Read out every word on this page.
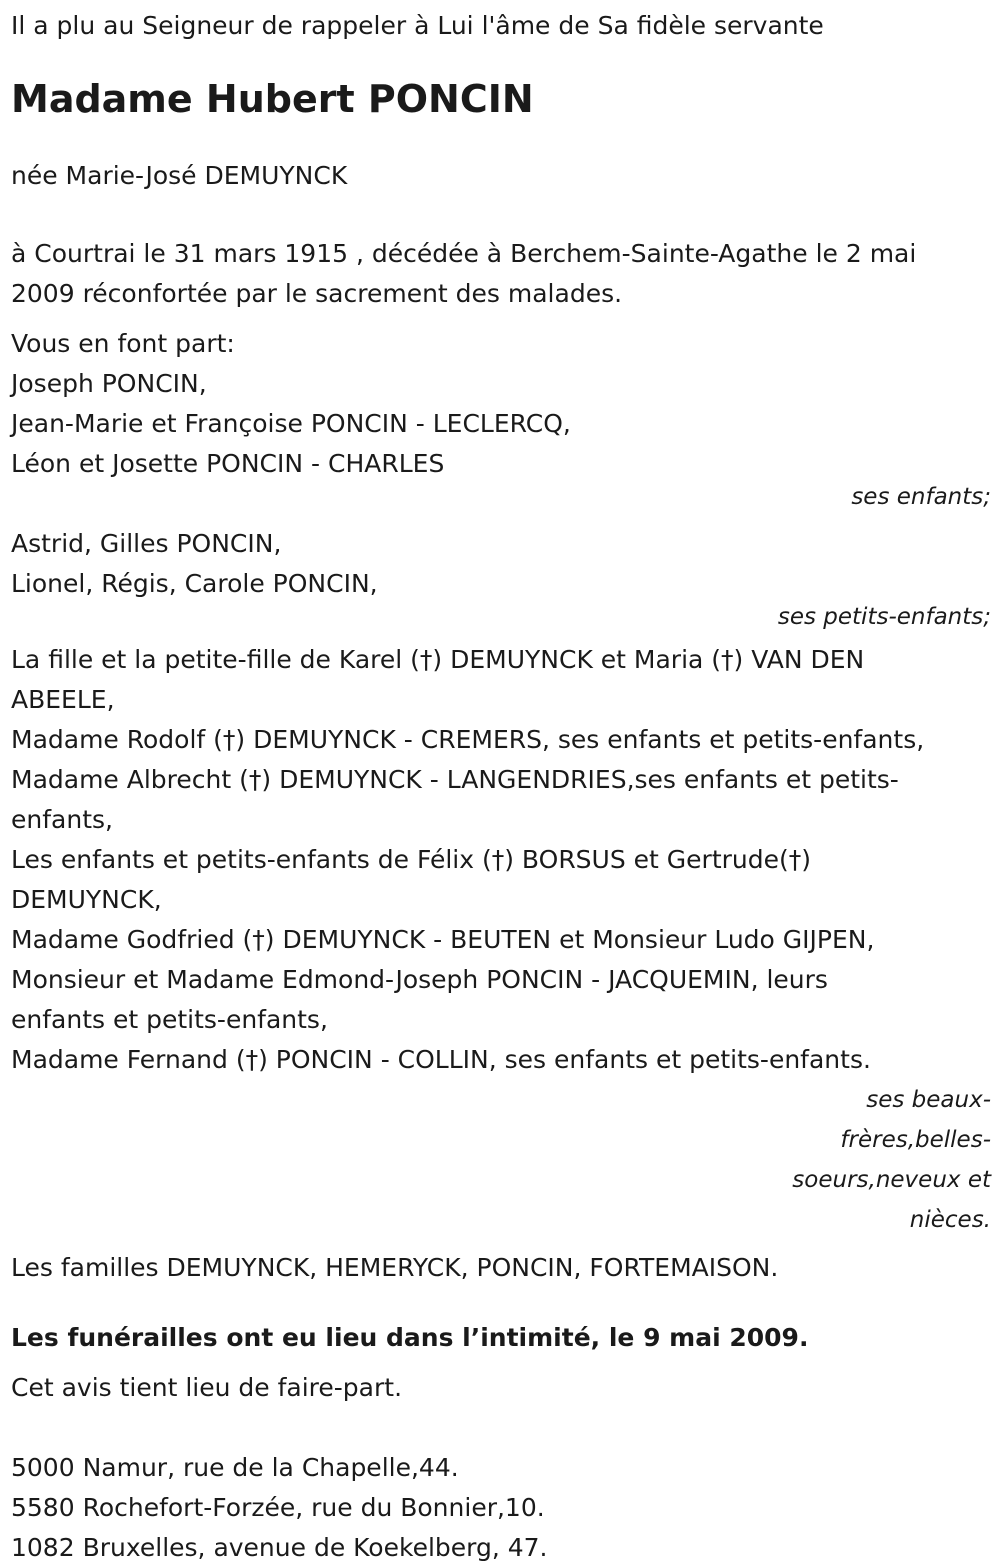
Il a plu au Seigneur de rappeler à Lui l'âme de Sa fidèle servante
Madame Hubert PONCIN
née Marie-José DEMUYNCK
à Courtrai le 31 mars 1915 , décédée à Berchem-Sainte-Agathe le 2 mai
2009 réconfortée par le sacrement des malades.
Vous en font part:
Joseph PONCIN,
Jean-Marie et Françoise PONCIN - LECLERCQ,
Léon et Josette PONCIN - CHARLES
ses enfants;
Astrid, Gilles PONCIN,
Lionel, Régis, Carole PONCIN,
ses petits-enfants;
La fille et la petite-fille de Karel (†) DEMUYNCK et Maria (†) VAN DEN
ABEELE,
Madame Rodolf (†) DEMUYNCK - CREMERS, ses enfants et petits-enfants,
Madame Albrecht (†) DEMUYNCK - LANGENDRIES,ses enfants et petits-
enfants,
Les enfants et petits-enfants de Félix (†) BORSUS et Gertrude(†)
DEMUYNCK,
Madame Godfried (†) DEMUYNCK - BEUTEN et Monsieur Ludo GIJPEN,
Monsieur et Madame Edmond-Joseph PONCIN - JACQUEMIN, leurs
enfants et petits-enfants,
Madame Fernand (†) PONCIN - COLLIN, ses enfants et petits-enfants.
ses beaux-
frères,belles-
soeurs,neveux et
nièces.
Les familles DEMUYNCK, HEMERYCK, PONCIN, FORTEMAISON.
Les funérailles ont eu lieu dans l’intimité, le 9 mai 2009.
Cet avis tient lieu de faire-part.
5000 Namur, rue de la Chapelle,44.
5580 Rochefort-Forzée, rue du Bonnier,10.
1082 Bruxelles, avenue de Koekelberg, 47.
